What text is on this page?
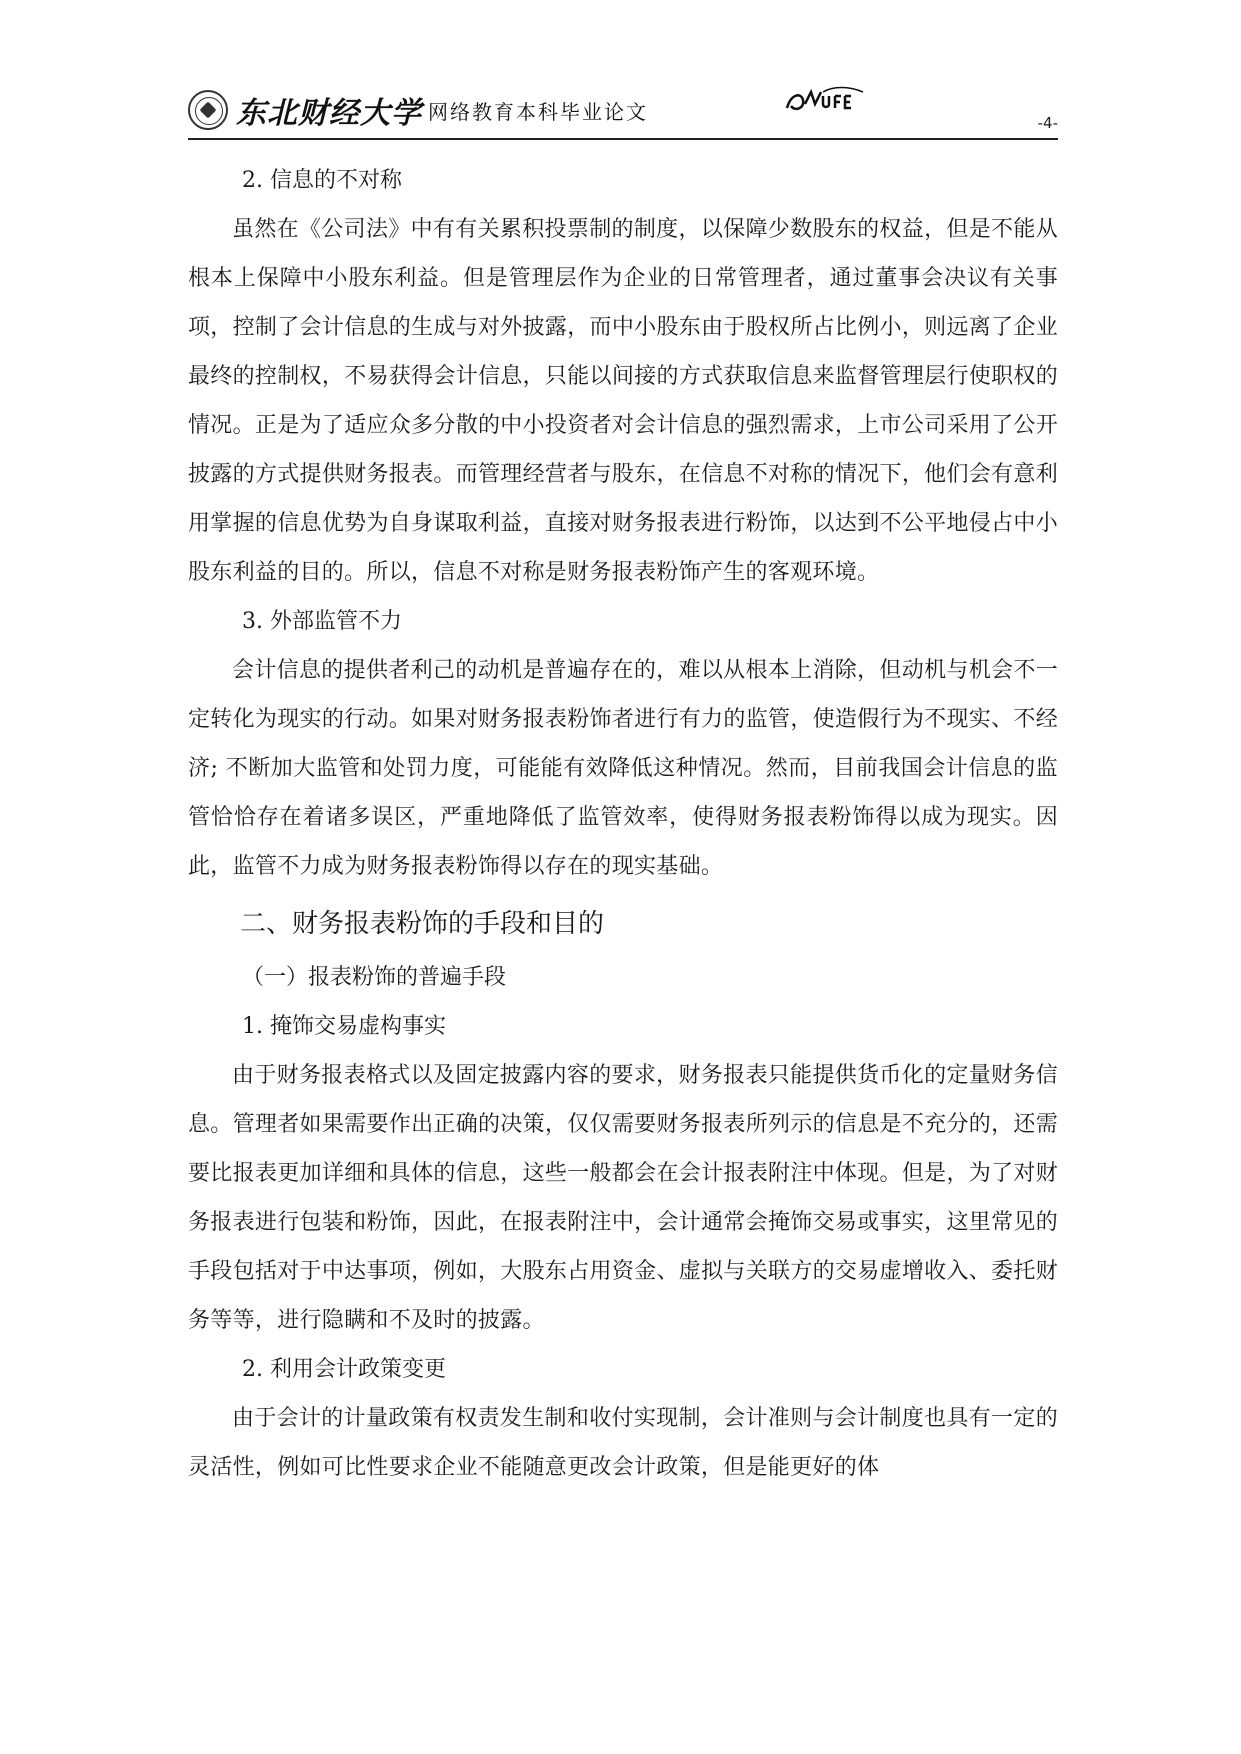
东北财经大学 网络教育本科毕业论文	-4-

2. 信息的不对称

虽然在《公司法》中有有关累积投票制的制度，以保障少数股东的权益，但是不能从根本上保障中小股东利益。但是管理层作为企业的日常管理者，通过董事会决议有关事项，控制了会计信息的生成与对外披露，而中小股东由于股权所占比例小，则远离了企业最终的控制权，不易获得会计信息，只能以间接的方式获取信息来监督管理层行使职权的情况。正是为了适应众多分散的中小投资者对会计信息的强烈需求，上市公司采用了公开披露的方式提供财务报表。而管理经营者与股东，在信息不对称的情况下，他们会有意利用掌握的信息优势为自身谋取利益，直接对财务报表进行粉饰，以达到不公平地侵占中小股东利益的目的。所以，信息不对称是财务报表粉饰产生的客观环境。

3. 外部监管不力

会计信息的提供者利己的动机是普遍存在的，难以从根本上消除，但动机与机会不一定转化为现实的行动。如果对财务报表粉饰者进行有力的监管，使造假行为不现实、不经济; 不断加大监管和处罚力度，可能能有效降低这种情况。然而，目前我国会计信息的监管恰恰存在着诸多误区，严重地降低了监管效率，使得财务报表粉饰得以成为现实。因此，监管不力成为财务报表粉饰得以存在的现实基础。

二、财务报表粉饰的手段和目的

（一）报表粉饰的普遍手段

1. 掩饰交易虚构事实

由于财务报表格式以及固定披露内容的要求，财务报表只能提供货币化的定量财务信息。管理者如果需要作出正确的决策，仅仅需要财务报表所列示的信息是不充分的，还需要比报表更加详细和具体的信息，这些一般都会在会计报表附注中体现。但是，为了对财务报表进行包装和粉饰，因此，在报表附注中，会计通常会掩饰交易或事实，这里常见的手段包括对于中达事项，例如，大股东占用资金、虚拟与关联方的交易虚增收入、委托财务等等，进行隐瞒和不及时的披露。

2. 利用会计政策变更

由于会计的计量政策有权责发生制和收付实现制，会计准则与会计制度也具有一定的灵活性，例如可比性要求企业不能随意更改会计政策，但是能更好的体
